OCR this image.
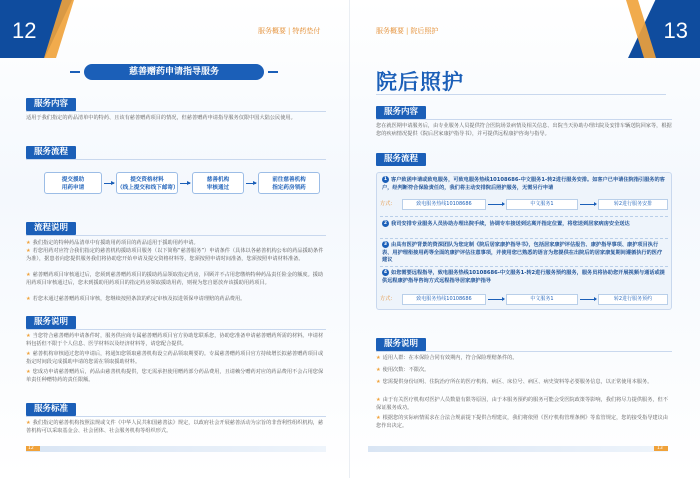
12	服务概要 | 特药垫付
慈善赠药申请指导服务
服务内容
适用于我们指定的药品清单中的特药、且该有慈善赠药项目的情况，但慈善赠药申请指导服务仅限中国大陆公民使用。
服务流程
提交援助
用药申请
提交资格材料
（线上提交和线下邮寄）
慈善机构
审核通过
前往慈善机构
指定药房领药
流程说明
★ 我们指定的特种药品清单中有援助用药项目的药品适用于援助用药申请。
★ 若您用药对应符合我们指定的慈善机构援助项目服务（以下简称“慈善服务”）申请条件（具体以各慈善机构公布的药品援助条件为准），据患者向您提供服务我们将协助您开始申请及提交资格材料等，您须按照申请时间准备，您须按照申请材料准备。
★ 慈善赠药项目审核通过后，您须到慈善赠药项目的援助药品领取指定药房，回顾并不占用您缴纳特种药品责任险金的额度。援助用药项目审核通过后，您未到援助用药项目的指定药房领取援助用药，则视为您自愿放弃该援助用药项目。
★ 若您未通过慈善赠药项目审核，您继续按照条款的约定审核及拟进领保申请理赔的药品费用。
服务说明
★ 当您符合慈善赠药申请条件时，服务供应商专属慈善赠药项目官方协助您联系您，协助您准备申请慈善赠药所需的材料。申请材料包括但不限于个人信息、医学材料以及经济材料等，请您配合提供。
★ 慈善机构审核通过您的申请后，将通知您领取慈善机构设立药品领取期要的。专属慈善赠药项目官方持续增长拟慈善赠药项目或指定时间段完成援助申请的您需在领取援助材料。
★ 您成功申请慈善赠药后，药品由慈善机构提供，您无需承担使用赠药部分药品费用，且请赖分赠药对应的药品费用不会占用您保单责任种赠特药的责任限额。
服务标准
★ 我们指定的慈善机构按照法规或文件《中华人民共和国慈善法》规定，以政府社会开展慈善活动为宗旨的非营利性组织机构，慈善机构可以采取基金会、社会团体、社会服务机构等组织形式。
12
13
服务概要 | 院后照护
院后照护
服务内容
您在就医期申请服务后，由专业服务人员提供符合医院场景病情及相关信息、出院当天协助办理出院及安排车辆送院回家等，根据您的疾病情况提供《院后居家康护指导书》，并可提供远程康护咨询与指导。
服务流程
1 客户致函申请或致电服务，可致电服务热线10108686-中文服务1-转2进行服务安排。如客户已申请住院指引服务的客户，经判断符合保险责任的，我们将主动安排院后照护服务，无需另行申请
方式：	致电服务热线10108686	中文服务1	转2进行服务安排
2 我司安排专业服务人员协助办理出院手续，协调专车接送到达离开指定位置，将您送到居家病房安全送达
3 由具有医护背景的资深团队为您定制《院后居家康护指导书》，包括居家康护评估报告、康护指导事项、康护项目执行表、用护理衔接用药等全面的康护评估注意事项，并使用您已熟悉的语言为您提供在出院后的居家康复期间遵循执行的医疗建议
4 如您需要远程指导，致电服务热线10108686-中文服务1-转2进行服务预约服务，服务员将协助您开展视频与通话或提供远程康护指导咨询方式远程指导居家康护指导
方式：	致电服务热线10108686	中文服务1	转2进行服务预约
服务说明
★ 适用人群：在本保险合同有效期内，符合保险理赔条件的。
★ 使用次数：不限次。
★ 您需提供身份证明、住院治疗所在的医疗机构、病区、床位号、病区、病史资料等必要服务信息，以正常使用本服务。
★ 由于有关医疗机构对医护人员数量有限等原因，由于本服务预约的服务可能会受医院政策等影响，我们将尽力提供服务，但不保证服务成功。
★ 根据您的实际病情需求在合法合规前提下提供合理建议，我们将依照《医疗机构管理条例》等监管规定，您的接受指导建议由您作出决定。
13
